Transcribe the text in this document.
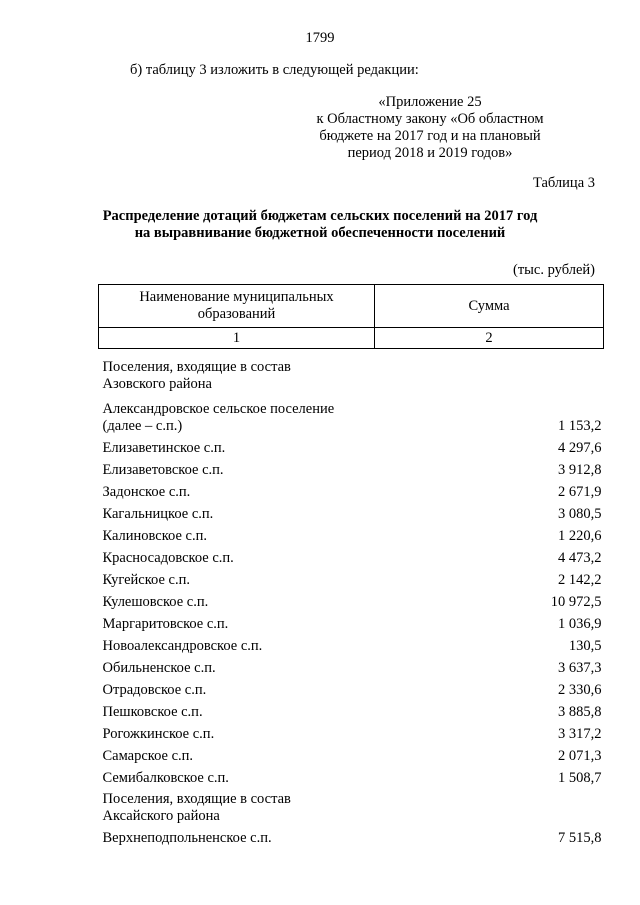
1799
б) таблицу 3 изложить в следующей редакции:
«Приложение 25
к Областному закону «Об областном
бюджете на 2017 год и на плановый
период 2018 и 2019 годов»
Таблица 3
Распределение дотаций бюджетам сельских поселений на 2017 год
на выравнивание бюджетной обеспеченности поселений
(тыс. рублей)
Наименование муниципальных
образований	Сумма
1	2

Поселения, входящие в состав
Азовского района	

Александровское сельское поселение
(далее – с.п.)	1 153,2
Елизаветинское с.п.	4 297,6
Елизаветовское с.п.	3 912,8
Задонское с.п.	2 671,9
Кагальницкое с.п.	3 080,5
Калиновское с.п.	1 220,6
Красносадовское с.п.	4 473,2
Кугейское с.п.	2 142,2
Кулешовское с.п.	10 972,5
Маргаритовское с.п.	1 036,9
Новоалександровское с.п.	130,5
Обильненское с.п.	3 637,3
Отрадовское с.п.	2 330,6
Пешковское с.п.	3 885,8
Рогожкинское с.п.	3 317,2
Самарское с.п.	2 071,3
Семибалковское с.п.	1 508,7

Поселения, входящие в состав
Аксайского района	

Верхнеподпольненское с.п.	7 515,8
